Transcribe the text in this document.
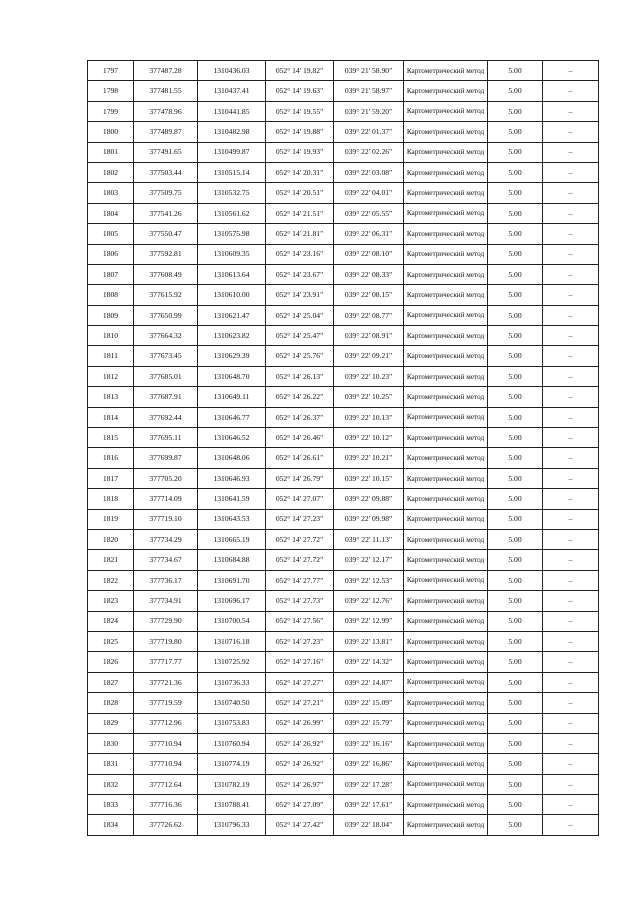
1797	377487.28	1310436.03	052° 14' 19.82"	039° 21' 58.90"	Картометрический метод	5.00	–
1798	377481.55	1310437.41	052° 14' 19.63"	039° 21' 58.97"	Картометрический метод	5.00	–
1799	377478.96	1310441.85	052° 14' 19.55"	039° 21' 59.20"	Картометрический метод	5.00	–
1800	377489.87	1310482.98	052° 14' 19.88"	039° 22' 01.37"	Картометрический метод	5.00	–
1801	377491.65	1310499.87	052° 14' 19.93"	039° 22' 02.26"	Картометрический метод	5.00	–
1802	377503.44	1310515.14	052° 14' 20.31"	039° 22' 03.08"	Картометрический метод	5.00	–
1803	377509.75	1310532.75	052° 14' 20.51"	039° 22' 04.01"	Картометрический метод	5.00	–
1804	377541.26	1310561.62	052° 14' 21.51"	039° 22' 05.55"	Картометрический метод	5.00	–
1805	377550.47	1310575.98	052° 14' 21.81"	039° 22' 06.31"	Картометрический метод	5.00	–
1806	377592.81	1310609.35	052° 14' 23.16"	039° 22' 08.10"	Картометрический метод	5.00	–
1807	377608.49	1310613.64	052° 14' 23.67"	039° 22' 08.33"	Картометрический метод	5.00	–
1808	377615.92	1310610.00	052° 14' 23.91"	039° 22' 08.15"	Картометрический метод	5.00	–
1809	377650.99	1310621.47	052° 14' 25.04"	039° 22' 08.77"	Картометрический метод	5.00	–
1810	377664.32	1310623.82	052° 14' 25.47"	039° 22' 08.91"	Картометрический метод	5.00	–
1811	377673.45	1310629.39	052° 14' 25.76"	039° 22' 09.21"	Картометрический метод	5.00	–
1812	377685.01	1310648.70	052° 14' 26.13"	039° 22' 10.23"	Картометрический метод	5.00	–
1813	377687.91	1310649.11	052° 14' 26.22"	039° 22' 10.25"	Картометрический метод	5.00	–
1814	377692.44	1310646.77	052° 14' 26.37"	039° 22' 10.13"	Картометрический метод	5.00	–
1815	377695.11	1310646.52	052° 14' 26.46"	039° 22' 10.12"	Картометрический метод	5.00	–
1816	377699.87	1310648.06	052° 14' 26.61"	039° 22' 10.21"	Картометрический метод	5.00	–
1817	377705.20	1310646.93	052° 14' 26.79"	039° 22' 10.15"	Картометрический метод	5.00	–
1818	377714.09	1310641.59	052° 14' 27.07"	039° 22' 09.88"	Картометрический метод	5.00	–
1819	377719.10	1310643.53	052° 14' 27.23"	039° 22' 09.98"	Картометрический метод	5.00	–
1820	377734.29	1310665.19	052° 14' 27.72"	039° 22' 11.13"	Картометрический метод	5.00	–
1821	377734.67	1310684.88	052° 14' 27.72"	039° 22' 12.17"	Картометрический метод	5.00	–
1822	377736.17	1310691.70	052° 14' 27.77"	039° 22' 12.53"	Картометрический метод	5.00	–
1823	377734.91	1310696.17	052° 14' 27.73"	039° 22' 12.76"	Картометрический метод	5.00	–
1824	377729.90	1310700.54	052° 14' 27.56"	039° 22' 12.99"	Картометрический метод	5.00	–
1825	377719.80	1310716.18	052° 14' 27.23"	039° 22' 13.81"	Картометрический метод	5.00	–
1826	377717.77	1310725.92	052° 14' 27.16"	039° 22' 14.32"	Картометрический метод	5.00	–
1827	377721.36	1310736.33	052° 14' 27.27"	039° 22' 14.87"	Картометрический метод	5.00	–
1828	377719.59	1310740.50	052° 14' 27.21"	039° 22' 15.09"	Картометрический метод	5.00	–
1829	377712.96	1310753.83	052° 14' 26.99"	039° 22' 15.79"	Картометрический метод	5.00	–
1830	377710.94	1310760.94	052° 14' 26.92"	039° 22' 16.16"	Картометрический метод	5.00	–
1831	377710.94	1310774.19	052° 14' 26.92"	039° 22' 16.86"	Картометрический метод	5.00	–
1832	377712.64	1310782.19	052° 14' 26.97"	039° 22' 17.28"	Картометрический метод	5.00	–
1833	377716.36	1310788.41	052° 14' 27.09"	039° 22' 17.61"	Картометрический метод	5.00	–
1834	377726.62	1310796.33	052° 14' 27.42"	039° 22' 18.04"	Картометрический метод	5.00	–
